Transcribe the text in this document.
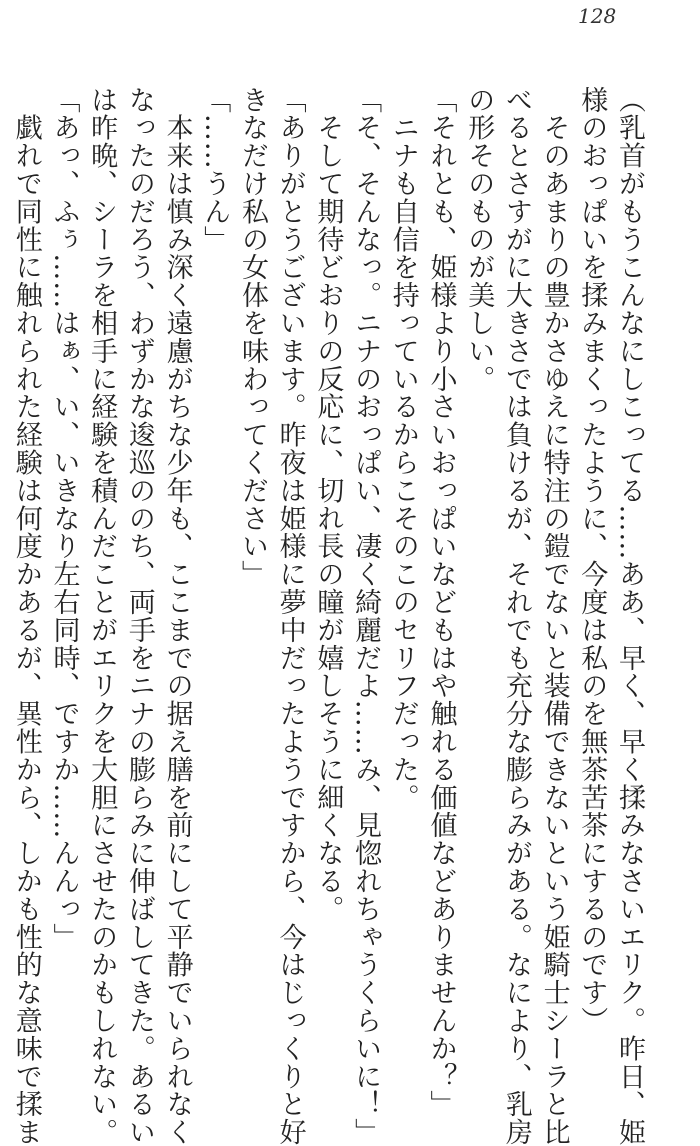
128
（乳首がもうこんなにしこってる……ああ、早く、早く揉みなさいエリク。昨日、姫
様のおっぱいを揉みまくったように、今度は私のを無茶苦茶にするのです）
　そのあまりの豊かさゆえに特注の鎧でないと装備できないという姫騎士シーラと比
べるとさすがに大きさでは負けるが、それでも充分な膨らみがある。なにより、乳房
の形そのものが美しい。
「それとも、姫様より小さいおっぱいなどもはや触れる価値などありませんか？」
　ニナも自信を持っているからこそのこのセリフだった。
「そ、そんなっ。ニナのおっぱい、凄く綺麗だよ……み、見惚れちゃうくらいに！」
　そして期待どおりの反応に、切れ長の瞳が嬉しそうに細くなる。
「ありがとうございます。昨夜は姫様に夢中だったようですから、今はじっくりと好
きなだけ私の女体を味わってください」
「……うん」
　本来は慎み深く遠慮がちな少年も、ここまでの据え膳を前にして平静でいられなく
なったのだろう、わずかな逡巡ののち、両手をニナの膨らみに伸ばしてきた。あるい
は昨晩、シーラを相手に経験を積んだことがエリクを大胆にさせたのかもしれない。
「あっ、ふぅ……はぁ、い、いきなり左右同時、ですか……んんっ」
　戯れで同性に触れられた経験は何度かあるが、異性から、しかも性的な意味で揉ま
